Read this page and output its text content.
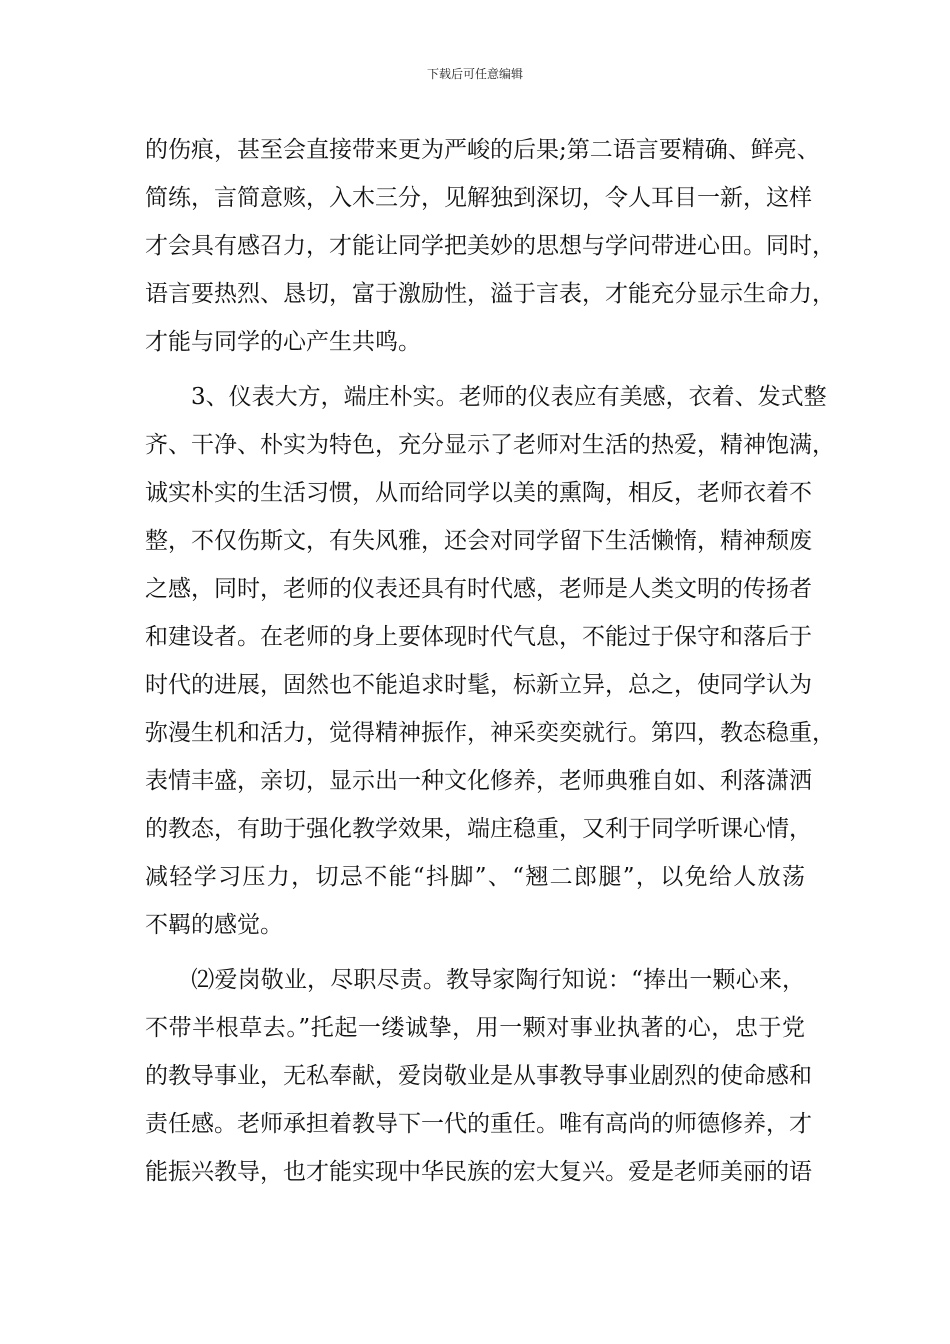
下载后可任意编辑
的伤痕，甚至会直接带来更为严峻的后果;第二语言要精确、鲜亮、
简练，言简意赅，入木三分，见解独到深切，令人耳目一新，这样
才会具有感召力，才能让同学把美妙的思想与学问带进心田。同时，
语言要热烈、恳切，富于激励性，溢于言表，才能充分显示生命力，
才能与同学的心产生共鸣。
　　3、仪表大方，端庄朴实。老师的仪表应有美感，衣着、发式整
齐、干净、朴实为特色，充分显示了老师对生活的热爱，精神饱满，
诚实朴实的生活习惯，从而给同学以美的熏陶，相反，老师衣着不
整，不仅伤斯文，有失风雅，还会对同学留下生活懒惰，精神颓废
之感，同时，老师的仪表还具有时代感，老师是人类文明的传扬者
和建设者。在老师的身上要体现时代气息，不能过于保守和落后于
时代的进展，固然也不能追求时髦，标新立异，总之，使同学认为
弥漫生机和活力，觉得精神振作，神采奕奕就行。第四，教态稳重，
表情丰盛，亲切，显示出一种文化修养，老师典雅自如、利落潇洒
的教态，有助于强化教学效果，端庄稳重，又利于同学听课心情，
减轻学习压力，切忌不能“抖脚”、“翘二郎腿”，以免给人放荡
不羁的感觉。
　　⑵爱岗敬业，尽职尽责。教导家陶行知说：“捧出一颗心来，
不带半根草去。”托起一缕诚挚，用一颗对事业执著的心，忠于党
的教导事业，无私奉献，爱岗敬业是从事教导事业剧烈的使命感和
责任感。老师承担着教导下一代的重任。唯有高尚的师德修养，才
能振兴教导，也才能实现中华民族的宏大复兴。爱是老师美丽的语
